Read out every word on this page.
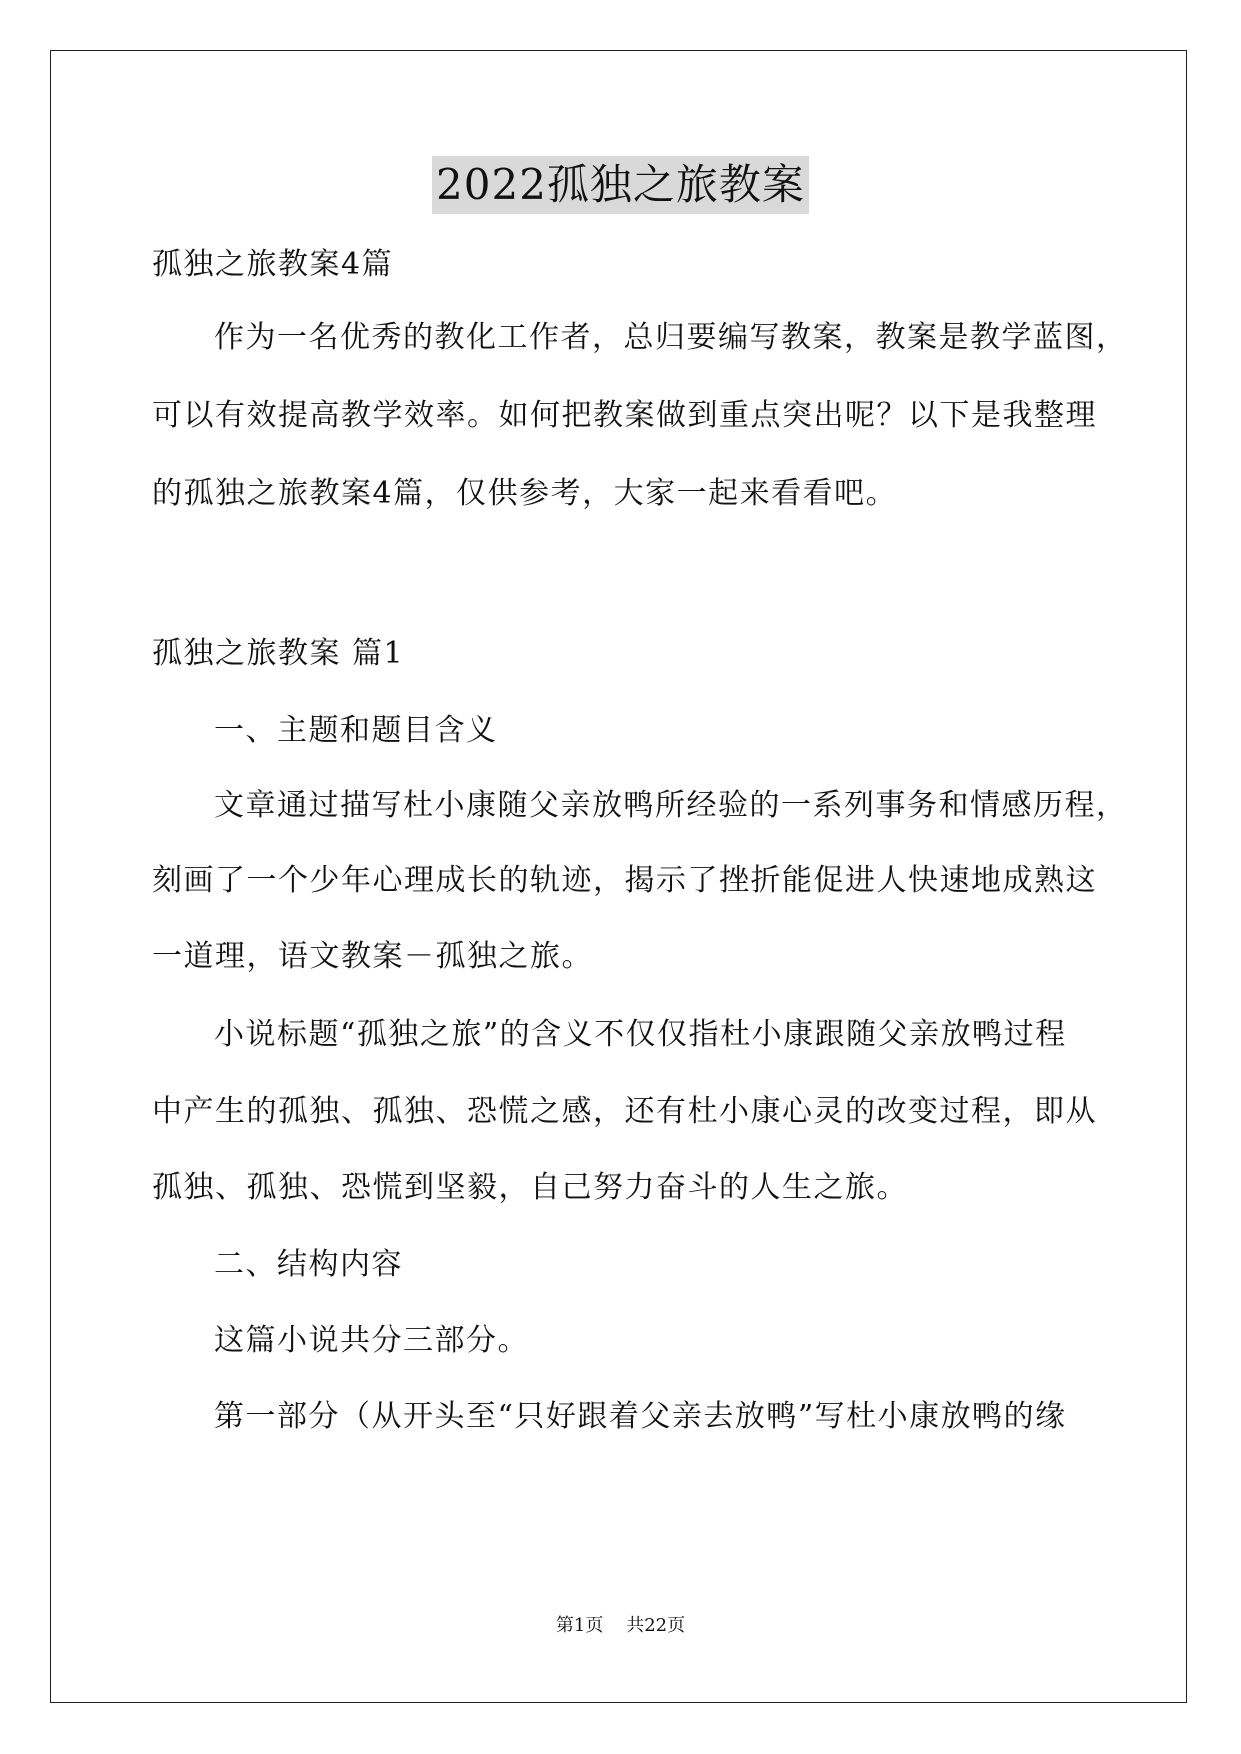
2022孤独之旅教案
孤独之旅教案4篇
作为一名优秀的教化工作者，总归要编写教案，教案是教学蓝图，
可以有效提高教学效率。如何把教案做到重点突出呢？以下是我整理
的孤独之旅教案4篇，仅供参考，大家一起来看看吧。
孤独之旅教案 篇1
一、主题和题目含义
文章通过描写杜小康随父亲放鸭所经验的一系列事务和情感历程，
刻画了一个少年心理成长的轨迹，揭示了挫折能促进人快速地成熟这
一道理，语文教案－孤独之旅。
小说标题“孤独之旅”的含义不仅仅指杜小康跟随父亲放鸭过程
中产生的孤独、孤独、恐慌之感，还有杜小康心灵的改变过程，即从
孤独、孤独、恐慌到坚毅，自己努力奋斗的人生之旅。
二、结构内容
这篇小说共分三部分。
第一部分（从开头至“只好跟着父亲去放鸭”写杜小康放鸭的缘
第1页    共22页
